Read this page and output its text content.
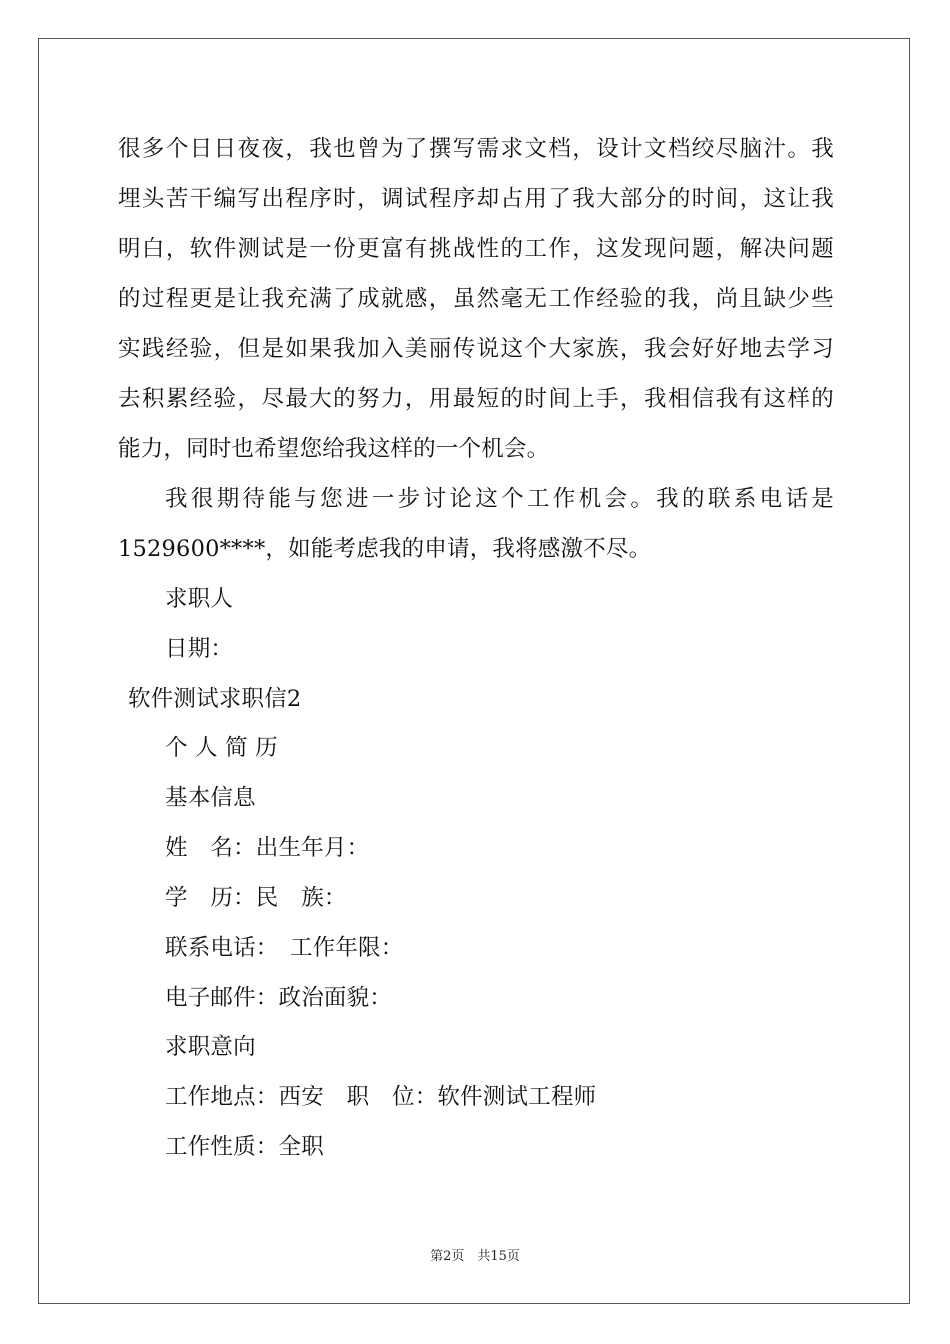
很多个日日夜夜，我也曾为了撰写需求文档，设计文档绞尽脑汁。我
埋头苦干编写出程序时，调试程序却占用了我大部分的时间，这让我
明白，软件测试是一份更富有挑战性的工作，这发现问题，解决问题
的过程更是让我充满了成就感，虽然毫无工作经验的我，尚且缺少些
实践经验，但是如果我加入美丽传说这个大家族，我会好好地去学习
去积累经验，尽最大的努力，用最短的时间上手，我相信我有这样的
能力，同时也希望您给我这样的一个机会。
我很期待能与您进一步讨论这个工作机会。我的联系电话是
1529600****，如能考虑我的申请，我将感激不尽。
求职人
日期：
软件测试求职信2
个 人 简 历
基本信息
姓　名：出生年月：
学　历：民　族：
联系电话：　工作年限：
电子邮件：政治面貌：
求职意向
工作地点：西安　职　位：软件测试工程师
工作性质：全职
第2页　共15页
